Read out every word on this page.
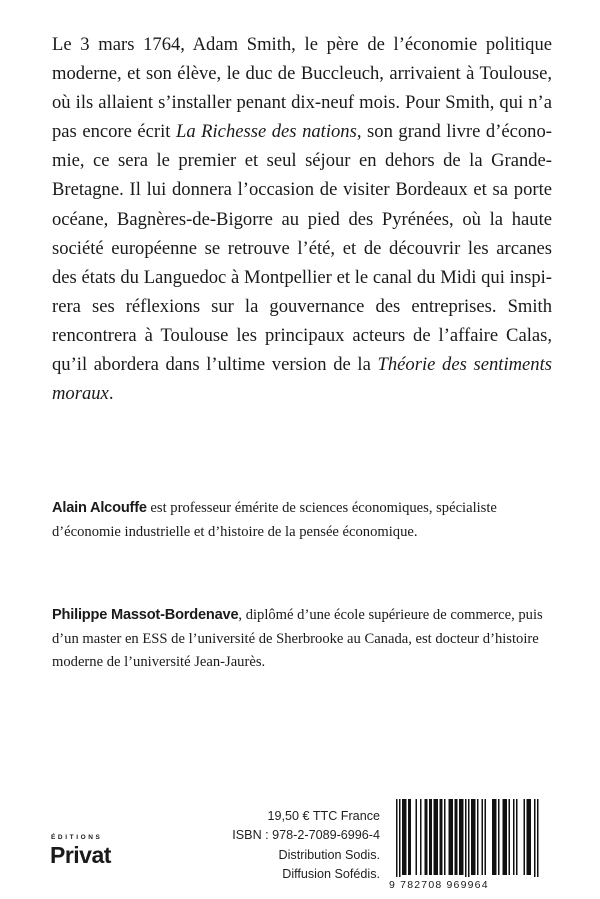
Le 3 mars 1764, Adam Smith, le père de l’économie politique moderne, et son élève, le duc de Buccleuch, arrivaient à Toulouse, où ils allaient s’installer penant dix-neuf mois. Pour Smith, qui n’a pas encore écrit La Richesse des nations, son grand livre d’économie, ce sera le premier et seul séjour en dehors de la Grande-Bretagne. Il lui donnera l’occasion de visiter Bordeaux et sa porte océane, Bagnères-de-Bigorre au pied des Pyrénées, où la haute société européenne se retrouve l’été, et de découvrir les arcanes des états du Languedoc à Montpellier et le canal du Midi qui inspirera ses réflexions sur la gouvernance des entreprises. Smith rencontrera à Toulouse les principaux acteurs de l’affaire Calas, qu’il abordera dans l’ultime version de la Théorie des sentiments moraux.

Alain Alcouffe est professeur émérite de sciences économiques, spécialiste d’économie industrielle et d’histoire de la pensée économique.

Philippe Massot-Bordenave, diplômé d’une école supérieure de commerce, puis d’un master en ESS de l’université de Sherbrooke au Canada, est docteur d’histoire moderne de l’université Jean-Jaurès.

ÉDITIONS
Privat
19,50 € TTC France
ISBN : 978-2-7089-6996-4
Distribution Sodis.
Diffusion Sofédis.
9 782708 969964
